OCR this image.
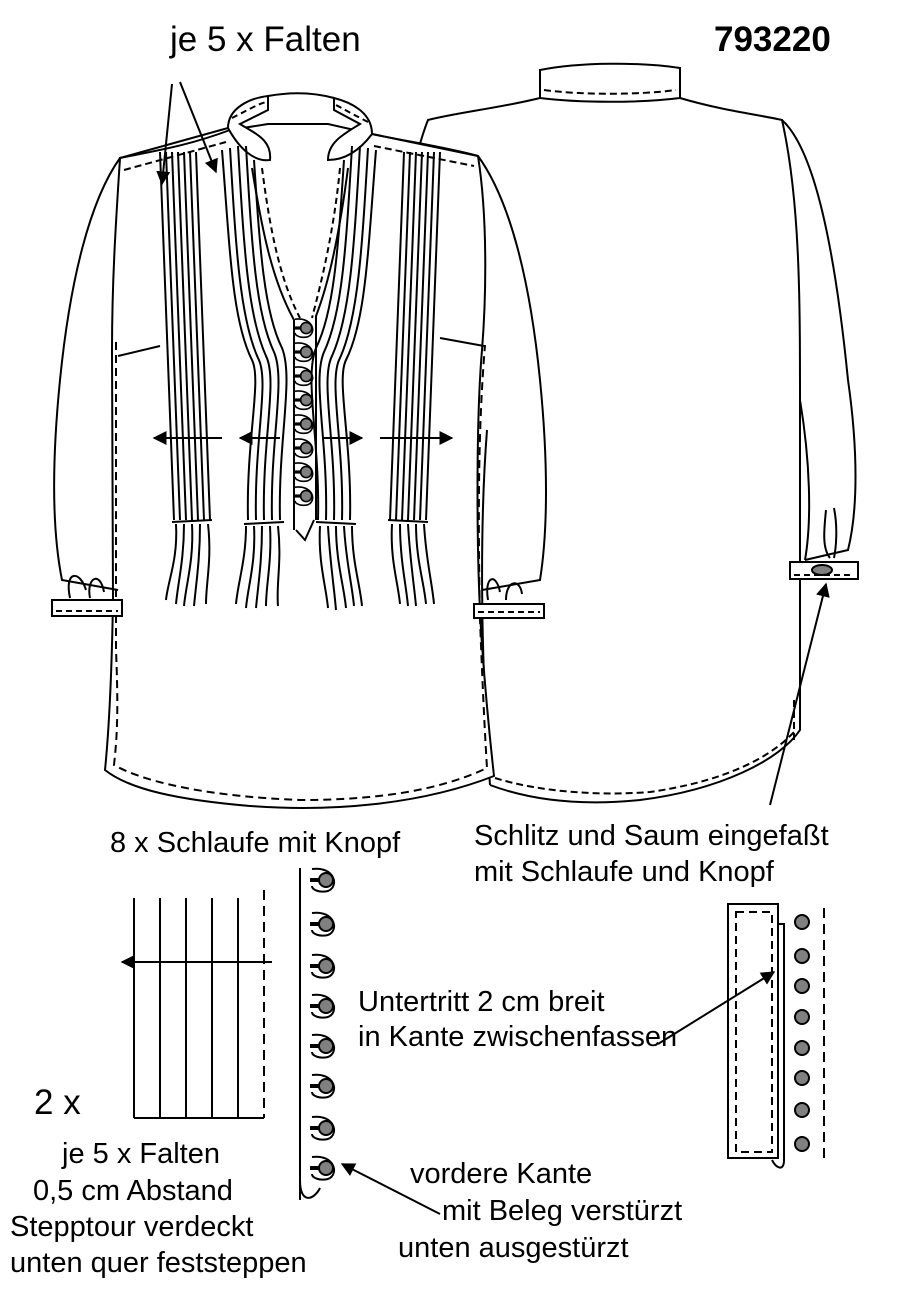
je 5 x Falten	793220
8 x Schlaufe mit Knopf	Schlitz und Saum eingefaßt
mit Schlaufe und Knopf
Untertritt 2 cm breit
in Kante zwischenfassen
2 x
je 5 x Falten
0,5 cm Abstand
Stepptour verdeckt
unten quer feststeppen
vordere Kante
mit Beleg verstürzt
unten ausgestürzt
